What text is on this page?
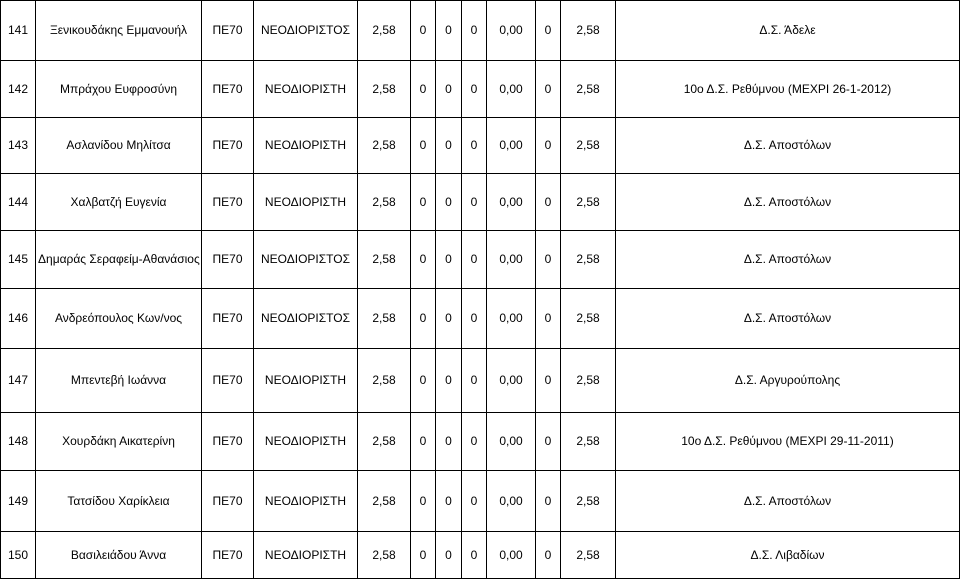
141	Ξενικουδάκης Εμμανουήλ	ΠΕ70	ΝΕΟΔΙΟΡΙΣΤΟΣ	2,58	0	0	0	0,00	0	2,58	Δ.Σ. Άδελε
142	Μπράχου Ευφροσύνη	ΠΕ70	ΝΕΟΔΙΟΡΙΣΤΗ	2,58	0	0	0	0,00	0	2,58	10ο Δ.Σ. Ρεθύμνου (ΜΕΧΡΙ 26-1-2012)
143	Ασλανίδου Μηλίτσα	ΠΕ70	ΝΕΟΔΙΟΡΙΣΤΗ	2,58	0	0	0	0,00	0	2,58	Δ.Σ. Αποστόλων
144	Χαλβατζή Ευγενία	ΠΕ70	ΝΕΟΔΙΟΡΙΣΤΗ	2,58	0	0	0	0,00	0	2,58	Δ.Σ. Αποστόλων
145	Δημαράς Σεραφείμ-Αθανάσιος	ΠΕ70	ΝΕΟΔΙΟΡΙΣΤΟΣ	2,58	0	0	0	0,00	0	2,58	Δ.Σ. Αποστόλων
146	Ανδρεόπουλος Κων/νος	ΠΕ70	ΝΕΟΔΙΟΡΙΣΤΟΣ	2,58	0	0	0	0,00	0	2,58	Δ.Σ. Αποστόλων
147	Μπεντεβή Ιωάννα	ΠΕ70	ΝΕΟΔΙΟΡΙΣΤΗ	2,58	0	0	0	0,00	0	2,58	Δ.Σ. Αργυρούπολης
148	Χουρδάκη Αικατερίνη	ΠΕ70	ΝΕΟΔΙΟΡΙΣΤΗ	2,58	0	0	0	0,00	0	2,58	10ο Δ.Σ. Ρεθύμνου (ΜΕΧΡΙ 29-11-2011)
149	Τατσίδου Χαρίκλεια	ΠΕ70	ΝΕΟΔΙΟΡΙΣΤΗ	2,58	0	0	0	0,00	0	2,58	Δ.Σ. Αποστόλων
150	Βασιλειάδου Άννα	ΠΕ70	ΝΕΟΔΙΟΡΙΣΤΗ	2,58	0	0	0	0,00	0	2,58	Δ.Σ. Λιβαδίων
